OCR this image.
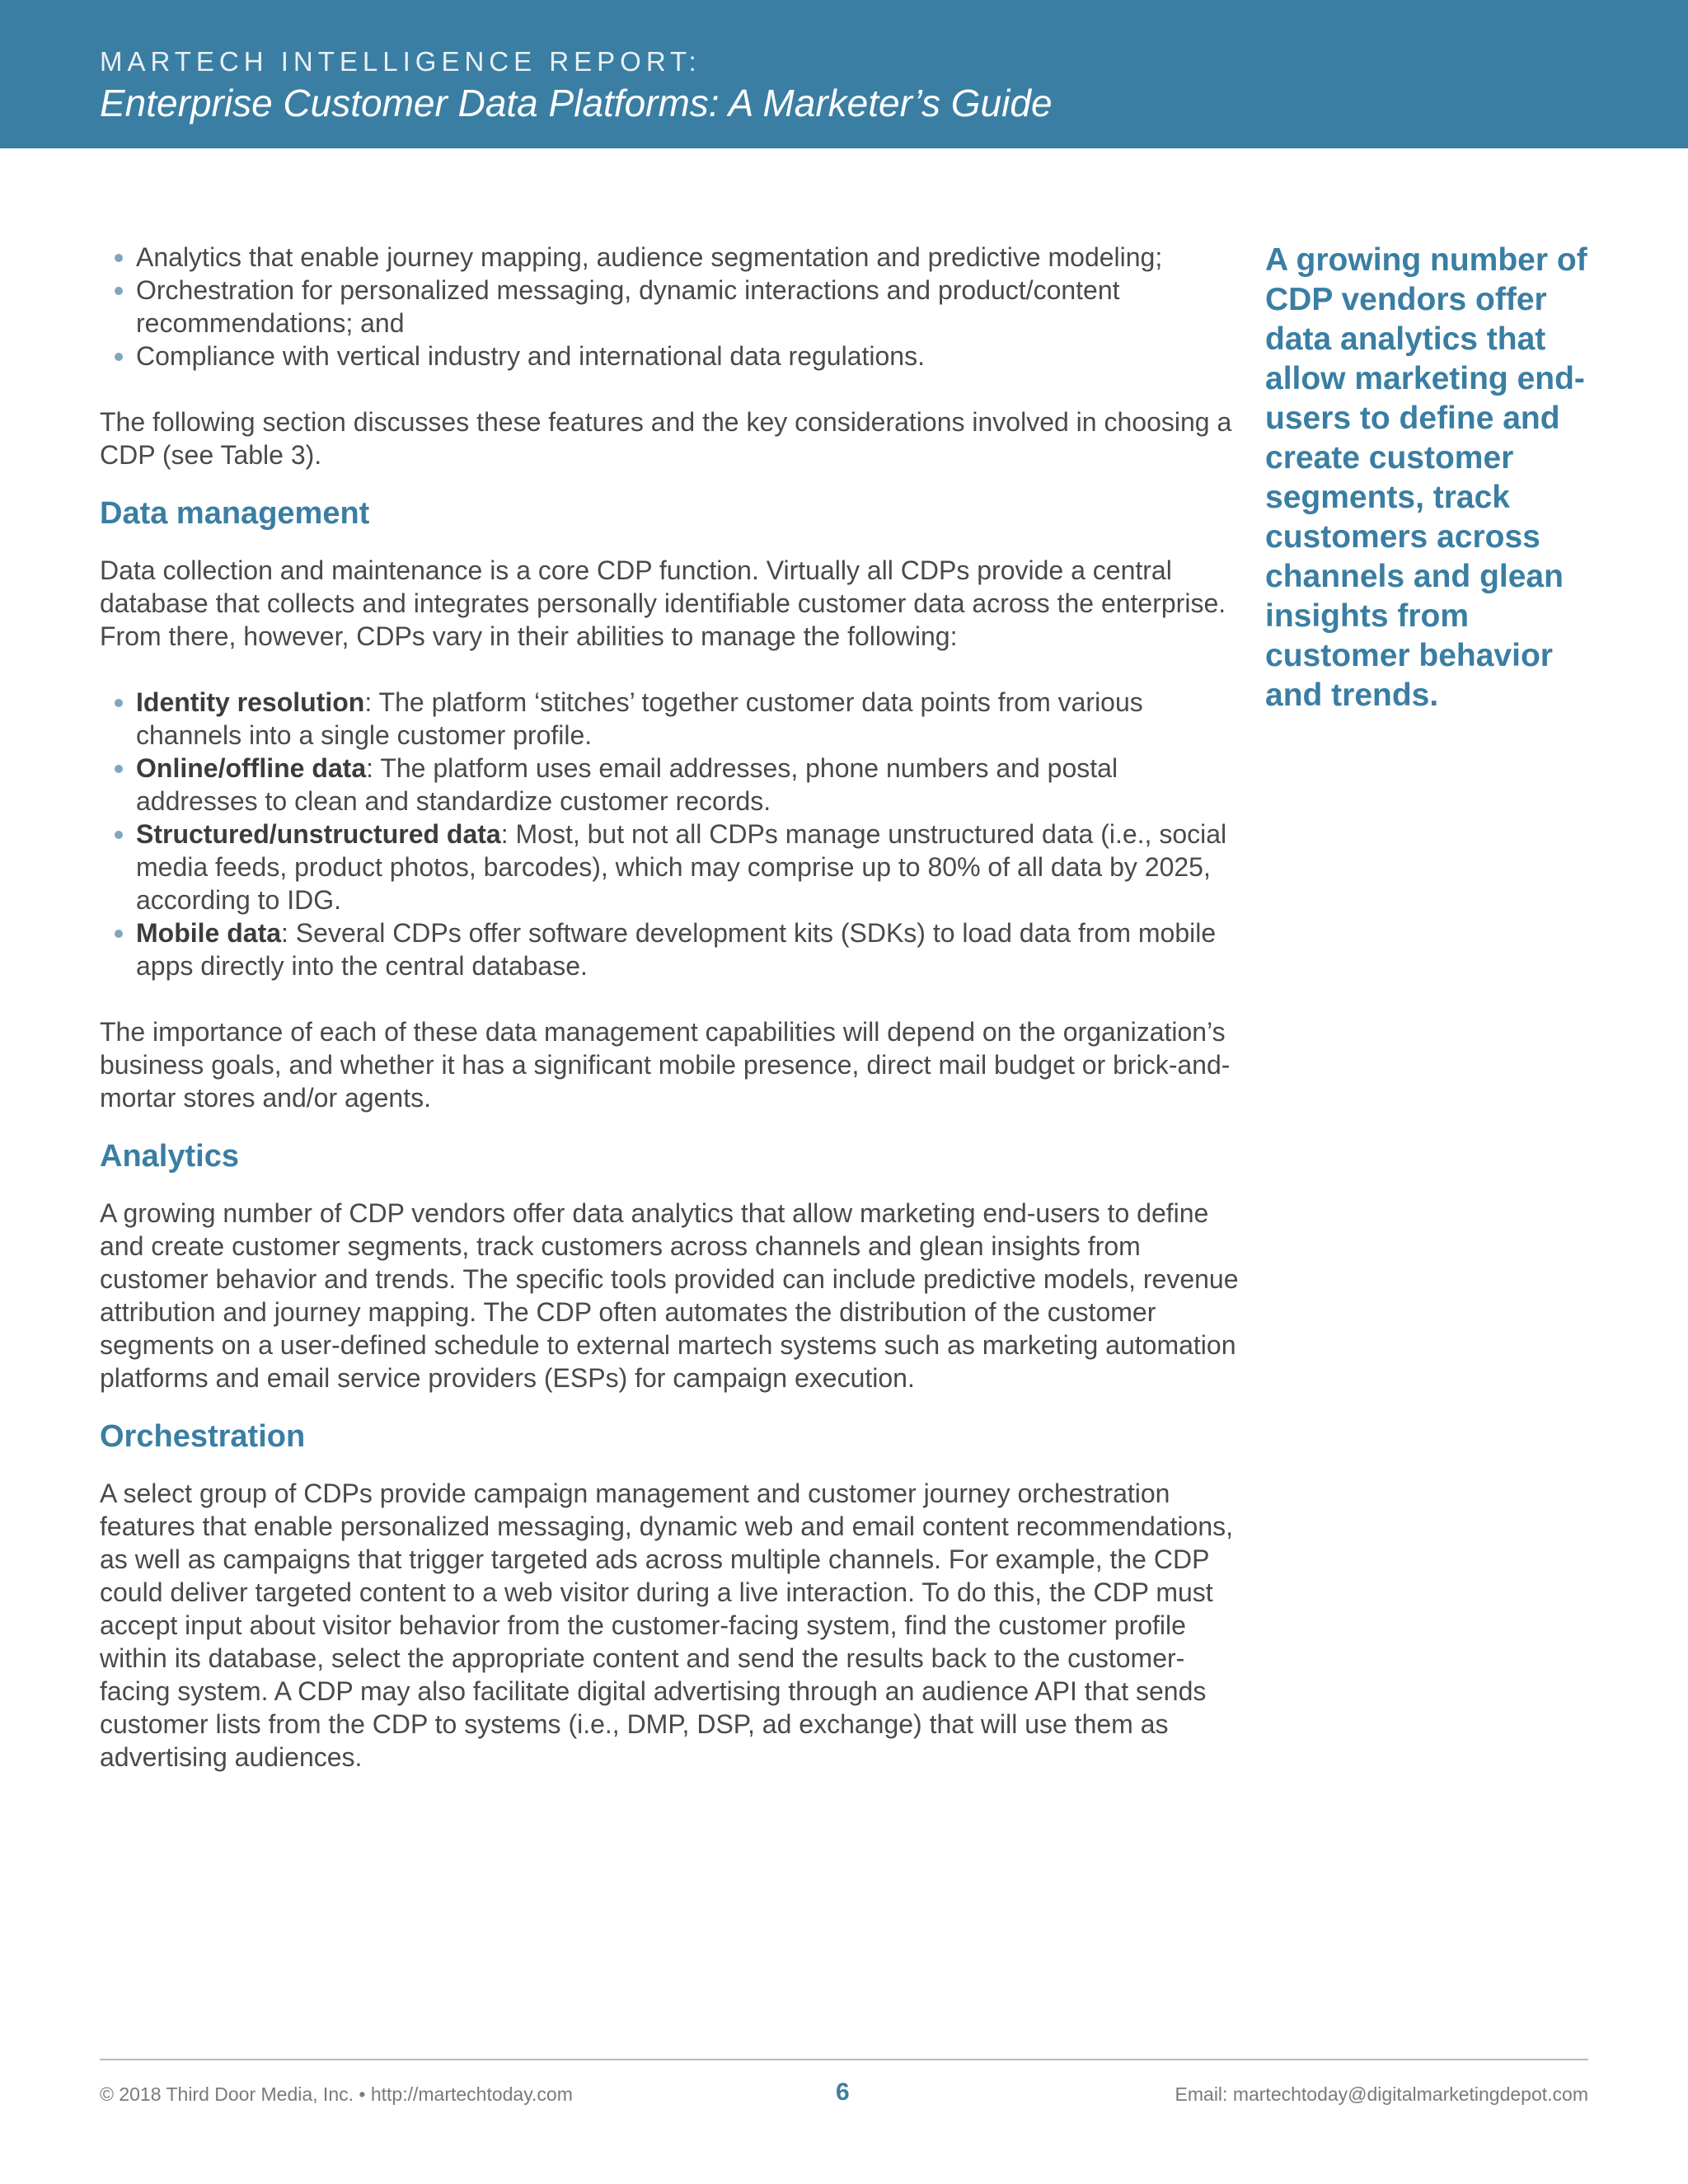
MARTECH INTELLIGENCE REPORT:
Enterprise Customer Data Platforms: A Marketer’s Guide
Analytics that enable journey mapping, audience segmentation and predictive modeling;
Orchestration for personalized messaging, dynamic interactions and product/content recommendations; and
Compliance with vertical industry and international data regulations.

The following section discusses these features and the key considerations involved in choosing a CDP (see Table 3).

Data management

Data collection and maintenance is a core CDP function. Virtually all CDPs provide a central database that collects and integrates personally identifiable customer data across the enterprise. From there, however, CDPs vary in their abilities to manage the following:

Identity resolution: The platform ‘stitches’ together customer data points from various channels into a single customer profile.
Online/offline data: The platform uses email addresses, phone numbers and postal addresses to clean and standardize customer records.
Structured/unstructured data: Most, but not all CDPs manage unstructured data (i.e., social media feeds, product photos, barcodes), which may comprise up to 80% of all data by 2025, according to IDG.
Mobile data: Several CDPs offer software development kits (SDKs) to load data from mobile apps directly into the central database.

The importance of each of these data management capabilities will depend on the organization’s business goals, and whether it has a significant mobile presence, direct mail budget or brick-and-mortar stores and/or agents.

Analytics

A growing number of CDP vendors offer data analytics that allow marketing end-users to define and create customer segments, track customers across channels and glean insights from customer behavior and trends. The specific tools provided can include predictive models, revenue attribution and journey mapping. The CDP often automates the distribution of the customer segments on a user-defined schedule to external martech systems such as marketing automation platforms and email service providers (ESPs) for campaign execution.

Orchestration

A select group of CDPs provide campaign management and customer journey orchestration features that enable personalized messaging, dynamic web and email content recommendations, as well as campaigns that trigger targeted ads across multiple channels. For example, the CDP could deliver targeted content to a web visitor during a live interaction. To do this, the CDP must accept input about visitor behavior from the customer-facing system, find the customer profile within its database, select the appropriate content and send the results back to the customer-facing system. A CDP may also facilitate digital advertising through an audience API that sends customer lists from the CDP to systems (i.e., DMP, DSP, ad exchange) that will use them as advertising audiences.

A growing number of CDP vendors offer data analytics that allow marketing end-users to define and create customer segments, track customers across channels and glean insights from customer behavior and trends.
© 2018 Third Door Media, Inc. • http://martechtoday.com	6	Email: martechtoday@digitalmarketingdepot.com
